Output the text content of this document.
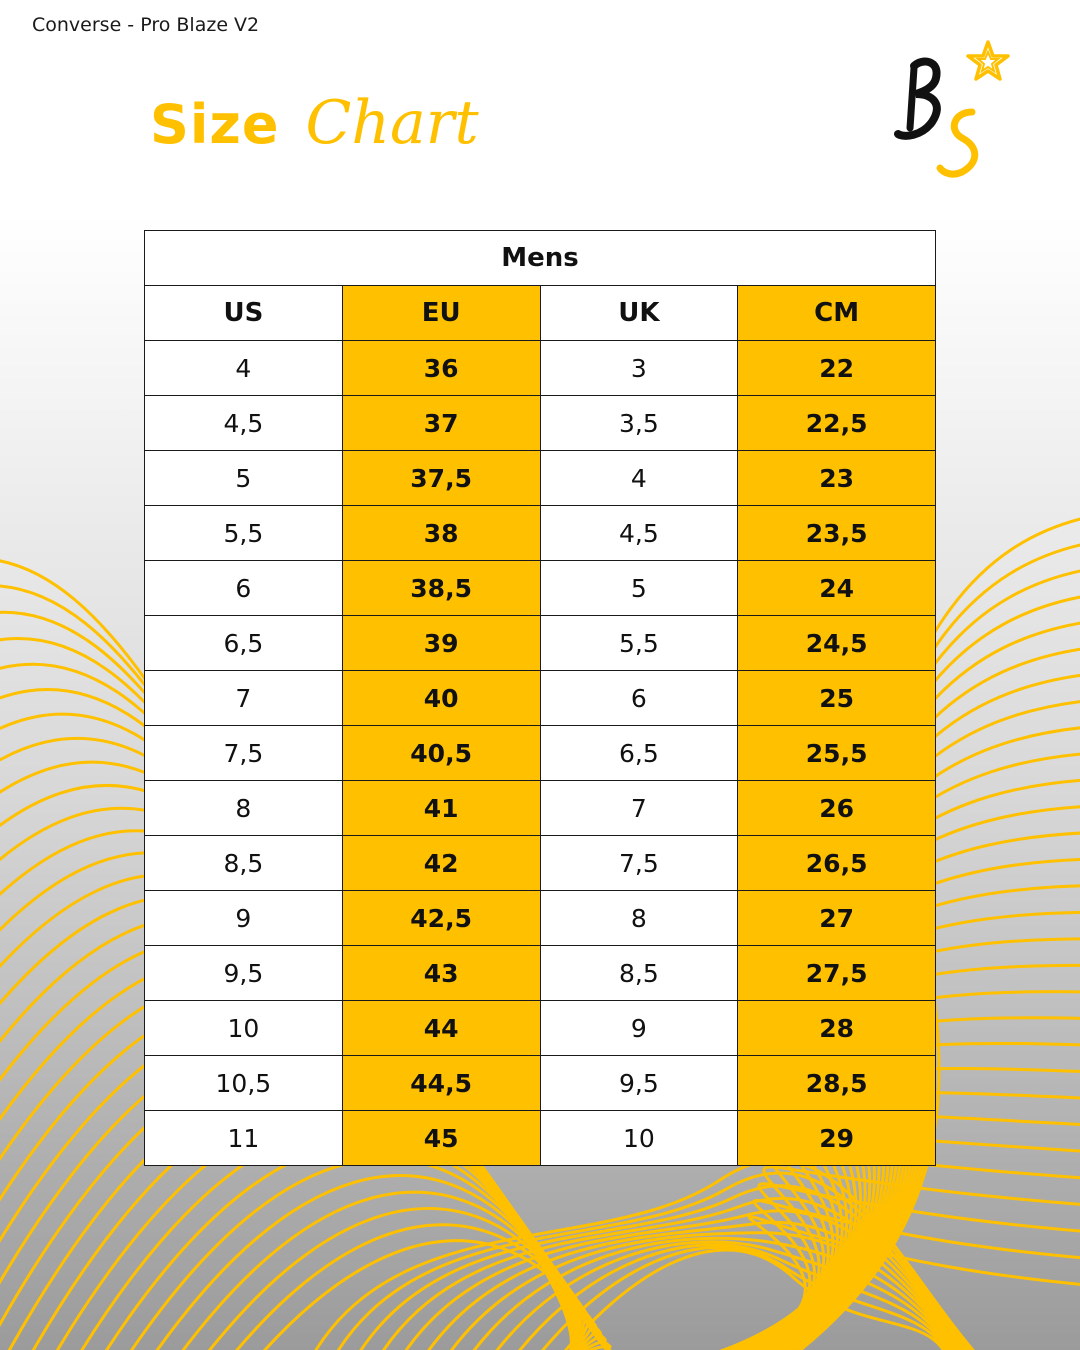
Converse - Pro Blaze V2
Size Chart
Mens			
US	EU	UK	CM
4	36	3	22
4,5	37	3,5	22,5
5	37,5	4	23
5,5	38	4,5	23,5
6	38,5	5	24
6,5	39	5,5	24,5
7	40	6	25
7,5	40,5	6,5	25,5
8	41	7	26
8,5	42	7,5	26,5
9	42,5	8	27
9,5	43	8,5	27,5
10	44	9	28
10,5	44,5	9,5	28,5
11	45	10	29
